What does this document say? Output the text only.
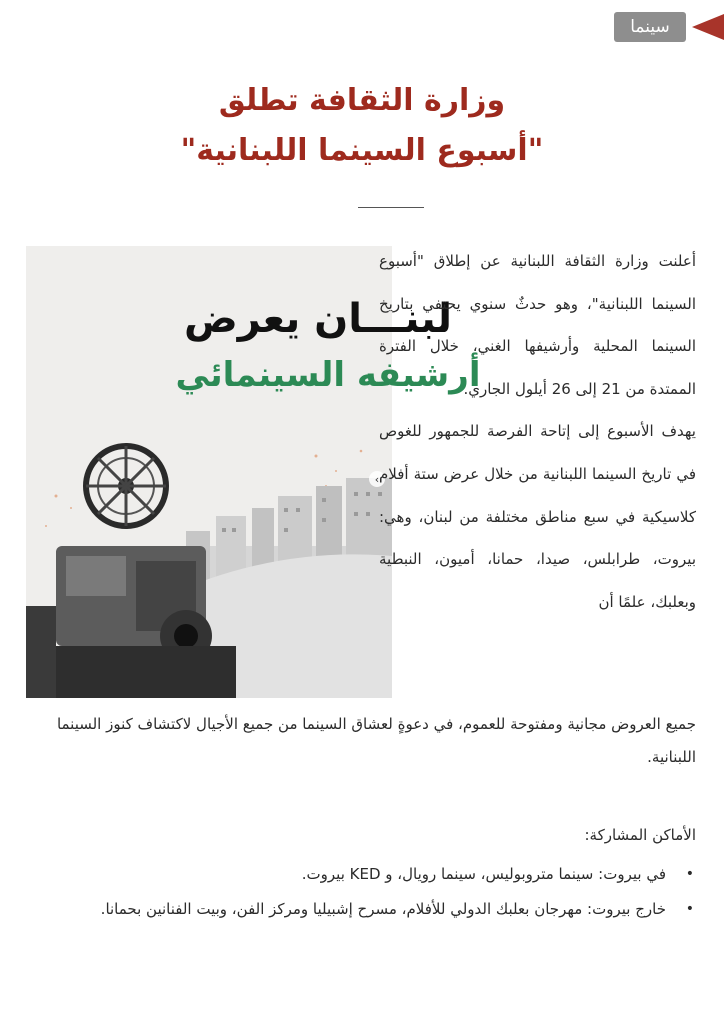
سينما
وزارة الثقافة تطلق
"أسبوع السينما اللبنانية"
لبنـــان يعرض
أرشيفه السينمائي
‹

أعلنت وزارة الثقافة اللبنانية عن إطلاق "أسبوع السينما اللبنانية"، وهو حدثٌ سنوي يحتفي بتاريخ السينما المحلية وأرشيفها الغني، خلال الفترة الممتدة من 21 إلى 26 أيلول الجاري.

يهدف الأسبوع إلى إتاحة الفرصة للجمهور للغوص في تاريخ السينما اللبنانية من خلال عرض ستة أفلام كلاسيكية في سبع مناطق مختلفة من لبنان، وهي: بيروت، طرابلس، صيدا، حمانا، أميون، النبطية وبعلبك، علمًا أن

جميع العروض مجانية ومفتوحة للعموم، في دعوةٍ لعشاق السينما من جميع الأجيال لاكتشاف كنوز السينما اللبنانية.
الأماكن المشاركة:
•
في بيروت: سينما متروبوليس، سينما رويال، و KED بيروت.
•
خارج بيروت: مهرجان بعلبك الدولي للأفلام، مسرح إشبيليا ومركز الفن، وبيت الفنانين بحمانا.
